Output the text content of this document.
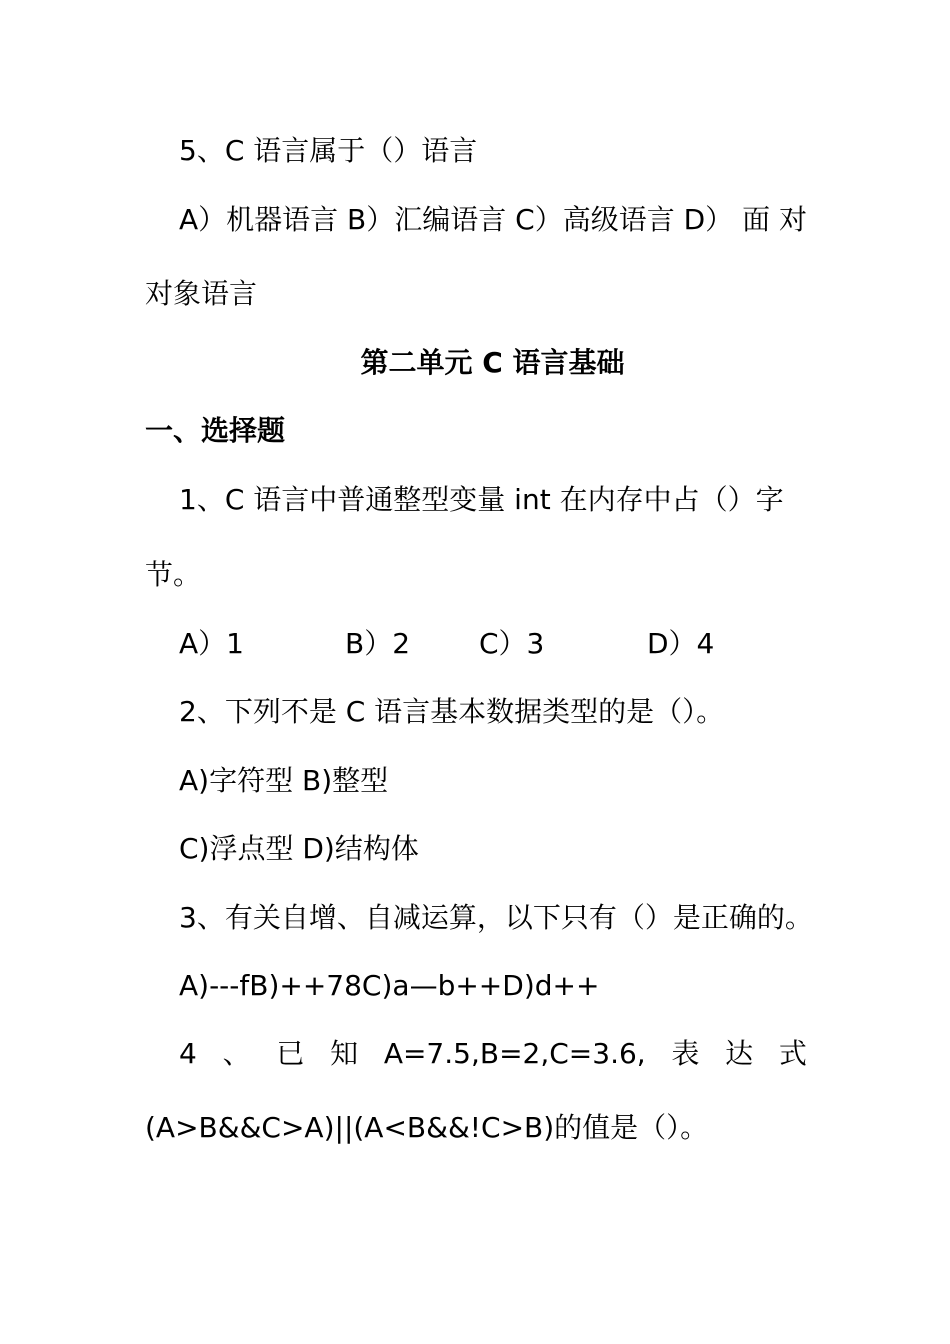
5、C 语言属于（）语言

A）机器语言 B）汇编语言 C）高级语言 D） 面 对

对象语言

第二单元 C 语言基础
一、选择题

1、C 语言中普通整型变量 int 在内存中占（）字

节。

A）1	B）2 C）3	D）4

2、下列不是 C 语言基本数据类型的是（）。

A)字符型 B)整型

C)浮点型 D)结构体

3、有关自增、自减运算，以下只有（）是正确的。

A)---fB)++78C)a—b++D)d++

4 、 已 知 A=7.5,B=2,C=3.6, 表 达 式

(A>B&&C>A)||(A<B&&!C>B)的值是（）。
